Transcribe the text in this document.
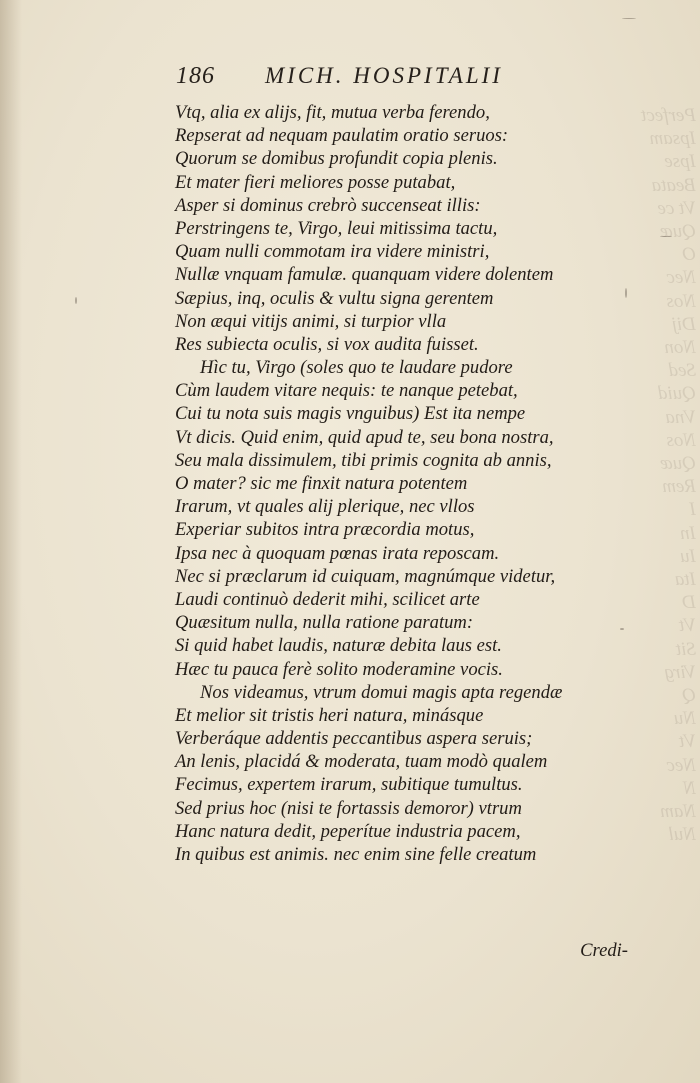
Perfect
Ipsam
Ipse
Beata
Vt ce
Quæ
O
Nec
Nos
Dij
Non
Sed
Quid
Vna
Nos
Quæ
Rem
I
In
Iu
Ita
D
Vt
Sit
Virg
Q
Nu
Vt
Nec
N
Nam
Nul
186 MICH. HOSPITALII
Vtq, alia ex alijs, fit, mutua verba ferendo,
Repserat ad nequam paulatim oratio seruos:
Quorum se domibus profundit copia plenis.
Et mater fieri meliores posse putabat,
Asper si dominus crebrò succenseat illis:
Perstringens te, Virgo, leui mitissima tactu,
Quam nulli commotam ira videre ministri,
Nullæ vnquam famulæ. quanquam videre dolentem
Sæpius, inq, oculis & vultu signa gerentem
Non æqui vitijs animi, si turpior vlla
Res subiecta oculis, si vox audita fuisset.
Hìc tu, Virgo (soles quo te laudare pudore
Cùm laudem vitare nequis: te nanque petebat,
Cui tu nota suis magis vnguibus) Est ita nempe
Vt dicis. Quid enim, quid apud te, seu bona nostra,
Seu mala dissimulem, tibi primis cognita ab annis,
O mater? sic me finxit natura potentem
Irarum, vt quales alij plerique, nec vllos
Experiar subitos intra præcordia motus,
Ipsa nec à quoquam pœnas irata reposcam.
Nec si præclarum id cuiquam, magnúmque videtur,
Laudi continuò dederit mihi, scilicet arte
Quæsitum nulla, nulla ratione paratum:
Si quid habet laudis, naturæ debita laus est.
Hæc tu pauca ferè solito moderamine vocis.
Nos videamus, vtrum domui magis apta regendæ
Et melior sit tristis heri natura, minásque
Verberáque addentis peccantibus aspera seruis;
An lenis, placidá & moderata, tuam modò qualem
Fecimus, expertem irarum, subitique tumultus.
Sed prius hoc (nisi te fortassis demoror) vtrum
Hanc natura dedit, peperítue industria pacem,
In quibus est animis. nec enim sine felle creatum
Credi-
